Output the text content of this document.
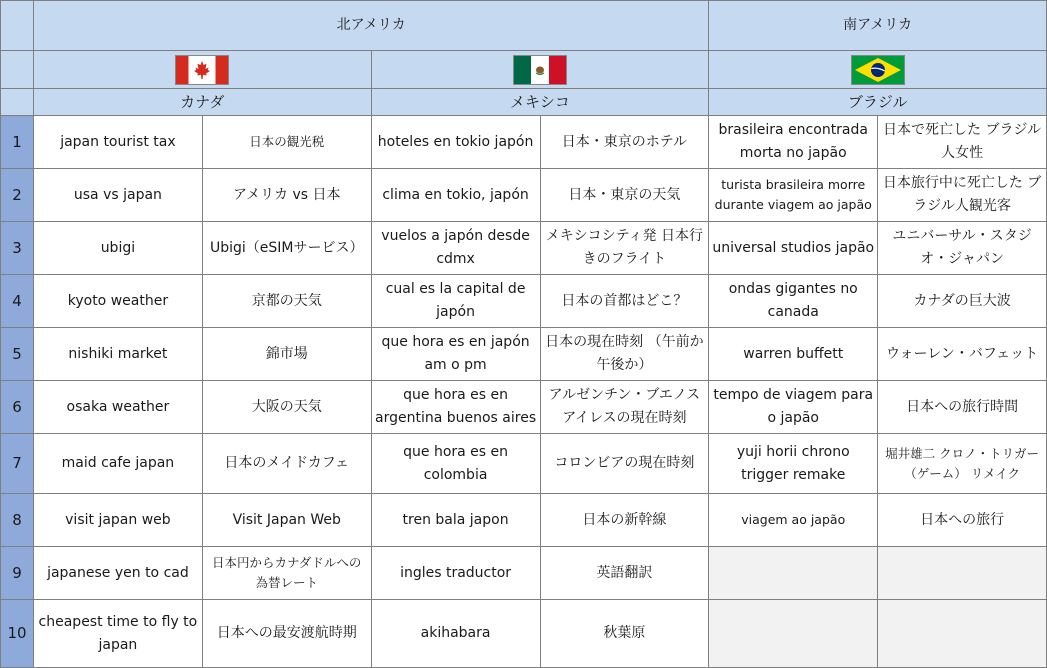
	北アメリカ				南アメリカ	

	カナダ		メキシコ		ブラジル	
1	japan tourist tax	日本の観光税	hoteles en tokio japón	日本・東京のホテル	brasileira encontrada morta no japão	日本で死亡した ブラジル人女性
2	usa vs japan	アメリカ vs 日本	clima en tokio, japón	日本・東京の天気	turista brasileira morre durante viagem ao japão	日本旅行中に死亡した ブラジル人観光客
3	ubigi	Ubigi（eSIMサービス）	vuelos a japón desde cdmx	メキシコシティ発 日本行きのフライト	universal studios japão	ユニバーサル・スタジオ・ジャパン
4	kyoto weather	京都の天気	cual es la capital de japón	日本の首都はどこ？	ondas gigantes no canada	カナダの巨大波
5	nishiki market	錦市場	que hora es en japón am o pm	日本の現在時刻 （午前か午後か）	warren buffett	ウォーレン・バフェット
6	osaka weather	大阪の天気	que hora es en argentina buenos aires	アルゼンチン・ブエノス アイレスの現在時刻	tempo de viagem para o japão	日本への旅行時間
7	maid cafe japan	日本のメイドカフェ	que hora es en colombia	コロンビアの現在時刻	yuji horii chrono trigger remake	堀井雄二 クロノ・トリガー（ゲーム） リメイク
8	visit japan web	Visit Japan Web	tren bala japon	日本の新幹線	viagem ao japão	日本への旅行
9	japanese yen to cad	日本円からカナダドルへの 為替レート	ingles traductor	英語翻訳		
10	cheapest time to fly to japan	日本への最安渡航時期	akihabara	秋葉原		
